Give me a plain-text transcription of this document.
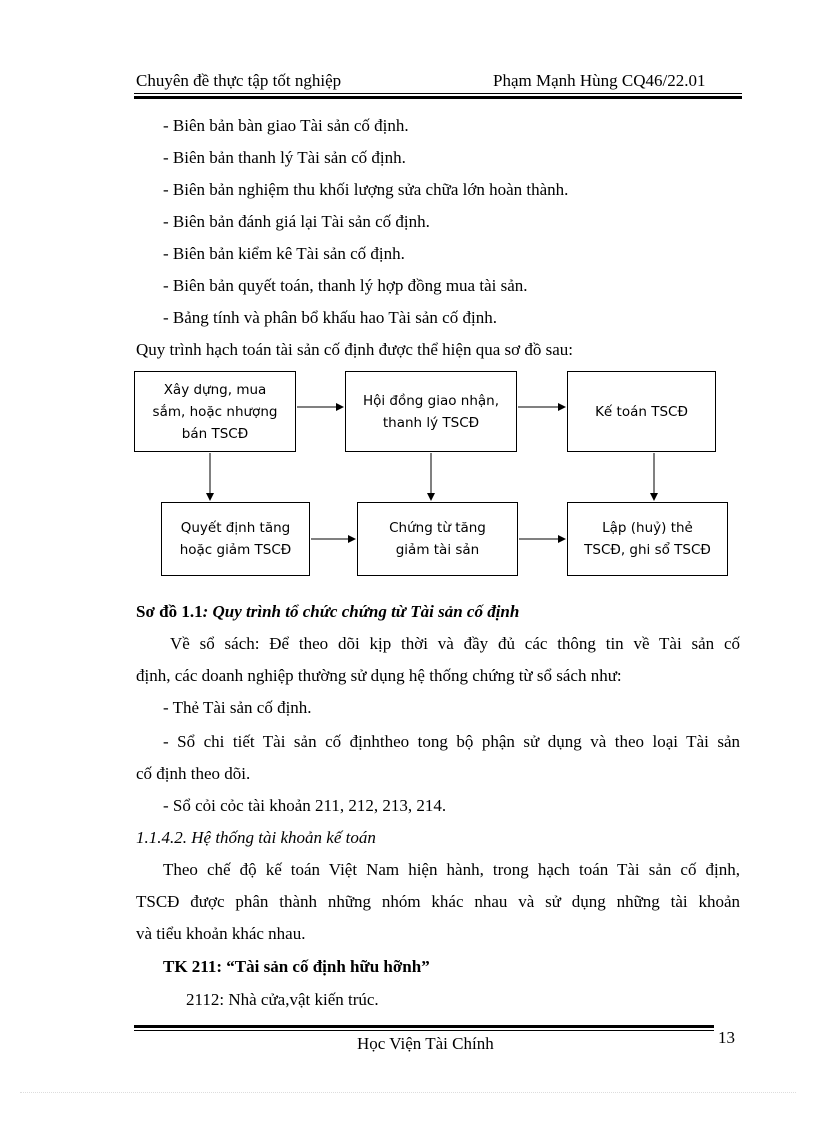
Chuyên đề thực tập tốt nghiệp	Phạm Mạnh Hùng CQ46/22.01
- Biên bản bàn giao Tài sản cố định.
- Biên bản thanh lý Tài sản cố định.
- Biên bản nghiệm thu khối lượng sửa chữa lớn hoàn thành.
- Biên bản đánh giá lại Tài sản cố định.
- Biên bản kiểm kê Tài sản cố định.
- Biên bản quyết toán, thanh lý hợp đồng mua tài sản.
- Bảng tính và phân bổ khấu hao Tài sản cố định.
Quy trình hạch toán tài sản cố định được thể hiện qua sơ đồ sau:
Xây dựng, mua
sắm, hoặc nhượng
bán TSCĐ
Hội đồng giao nhận,
thanh lý TSCĐ
Kế toán TSCĐ
Quyết định tăng
hoặc giảm TSCĐ
Chứng từ tăng
giảm tài sản
Lập (huỷ) thẻ
TSCĐ, ghi sổ TSCĐ
Sơ đồ 1.1: Quy trình tổ chức chứng từ Tài sản cố định
Về sổ sách: Để theo dõi kịp thời và đầy đủ các thông tin về Tài sản cố
định, các doanh nghiệp thường sử dụng hệ thống chứng từ sổ sách như:
- Thẻ Tài sản cố định.
- Sổ chi tiết Tài sản cố địnhtheo tong bộ phận sử dụng và theo loại Tài sản
cố định theo dõi.
- Sổ cỏi cỏc tài khoản 211, 212, 213, 214.
1.1.4.2. Hệ thống tài khoản kế toán
Theo chế độ kế toán Việt Nam hiện hành, trong hạch toán Tài sản cố định,
TSCĐ được phân thành những nhóm khác nhau và sử dụng những tài khoản
và tiểu khoản khác nhau.
TK 211: “Tài sản cố định hữu hỡnh”
2112: Nhà cửa,vật kiến trúc.
Học Viện Tài Chính	13
